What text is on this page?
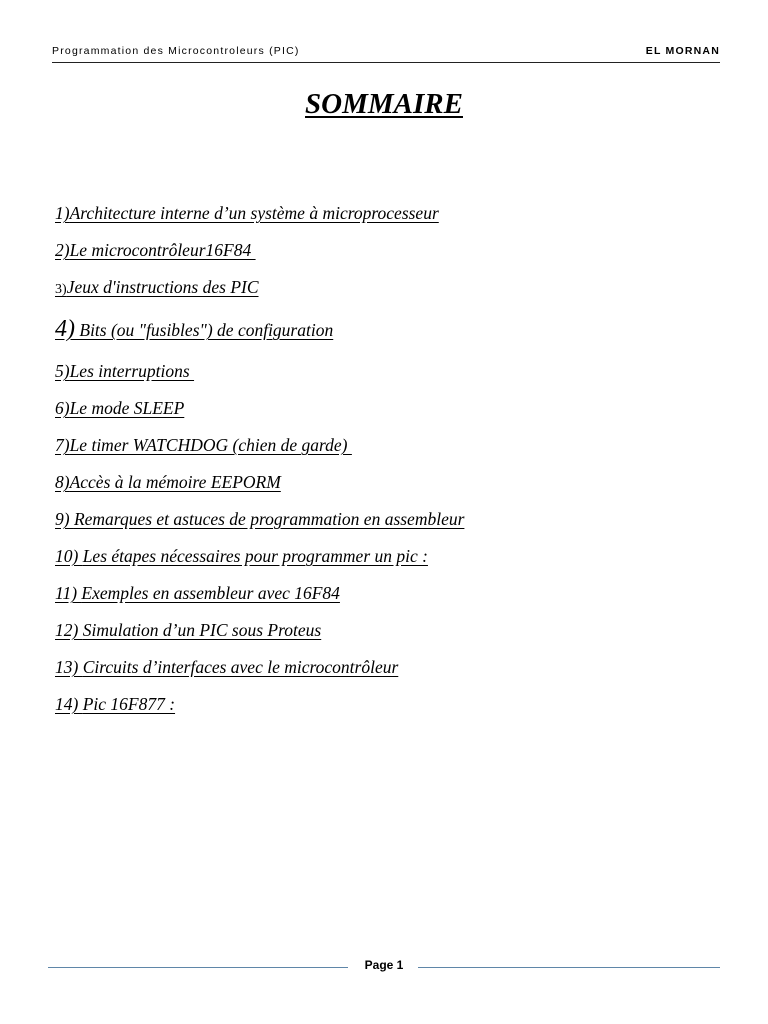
Programmation des Microcontroleurs (PIC)	EL MORNAN
SOMMAIRE
1)Architecture interne d’un système à microprocesseur
2)Le microcontrôleur16F84
3)Jeux d'instructions des PIC
4) Bits (ou "fusibles") de configuration
5)Les interruptions
6)Le mode SLEEP
7)Le timer WATCHDOG (chien de garde)
8)Accès à la mémoire EEPORM
9) Remarques et astuces de programmation en assembleur
10) Les étapes nécessaires pour programmer un pic :
11) Exemples en assembleur avec 16F84
12) Simulation d’un PIC sous Proteus
13) Circuits d’interfaces avec le microcontrôleur
14) Pic 16F877 :
Page 1
